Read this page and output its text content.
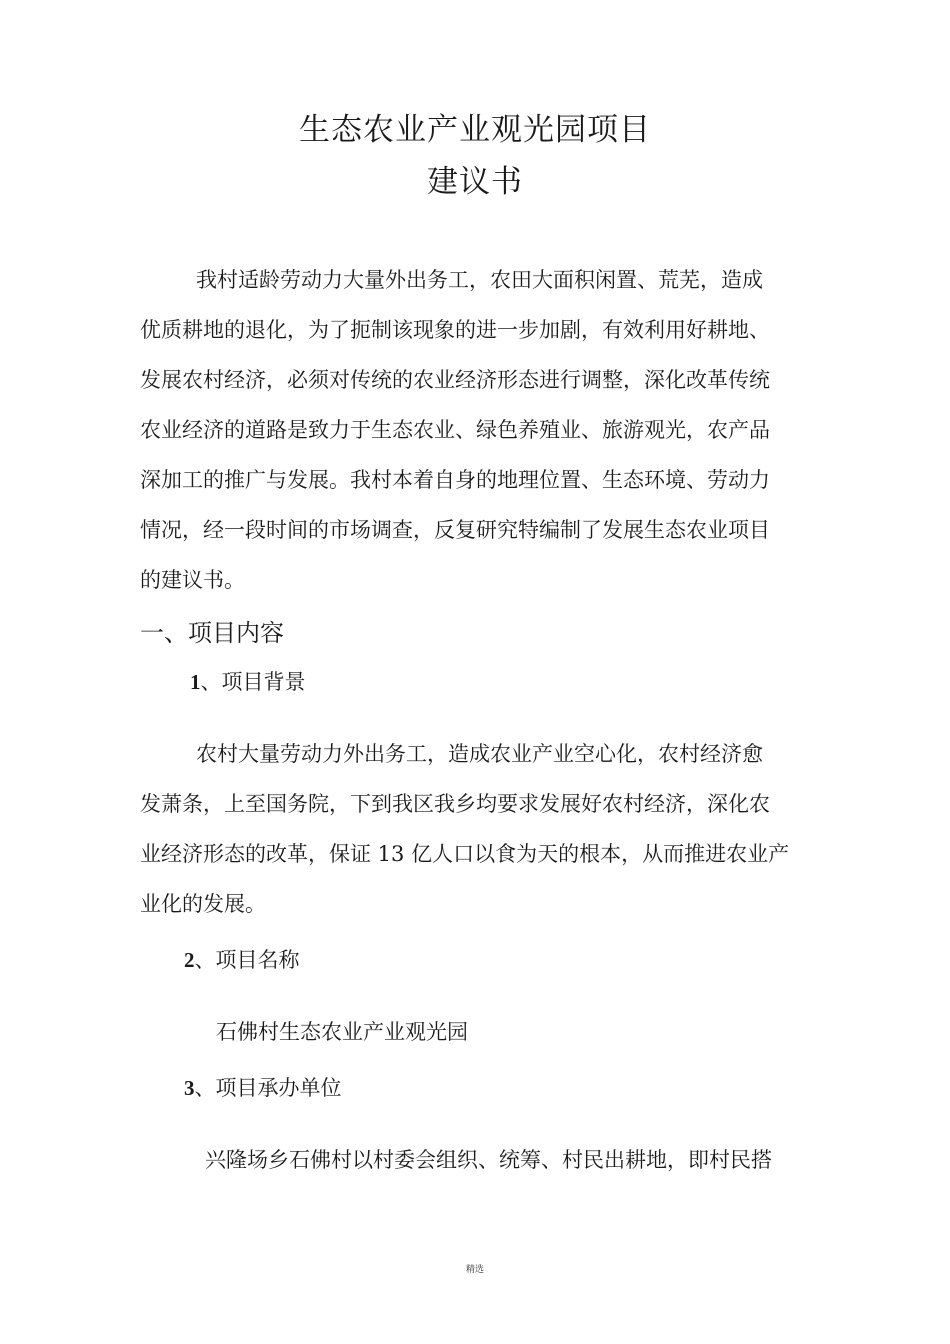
生态农业产业观光园项目
建议书
我村适龄劳动力大量外出务工，农田大面积闲置、荒芜，造成
优质耕地的退化，为了扼制该现象的进一步加剧，有效利用好耕地、
发展农村经济，必须对传统的农业经济形态进行调整，深化改革传统
农业经济的道路是致力于生态农业、绿色养殖业、旅游观光，农产品
深加工的推广与发展。我村本着自身的地理位置、生态环境、劳动力
情况，经一段时间的市场调查，反复研究特编制了发展生态农业项目
的建议书。
一、项目内容
1、项目背景
农村大量劳动力外出务工，造成农业产业空心化，农村经济愈
发萧条，上至国务院，下到我区我乡均要求发展好农村经济，深化农
业经济形态的改革，保证 13 亿人口以食为天的根本，从而推进农业产
业化的发展。
2、项目名称
石佛村生态农业产业观光园
3、项目承办单位
兴隆场乡石佛村以村委会组织、统筹、村民出耕地，即村民搭
精选
